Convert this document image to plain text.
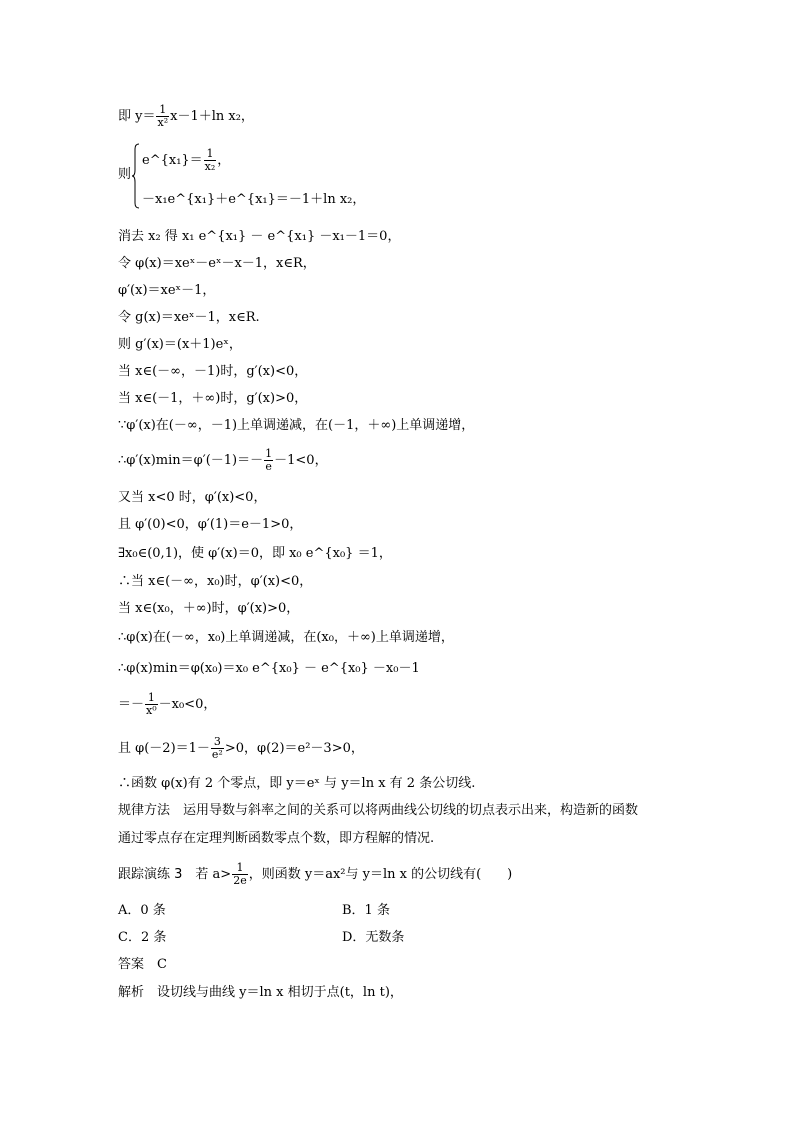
即 $y= \frac{1}{\text{x²}} x-1+\ln$ x₂，
则
e^{x₁}＝ $\frac{1}{\text{x₂}}$ ，
－x₁e^{x₁}＋e^{x₁}＝－1＋ln x₂，
消去 x₂ 得 x₁ e^{x₁} － e^{x₁} －x₁－1＝0，
令 φ(x)＝xeˣ－eˣ－x－1，x∈R，
φ′(x)＝xeˣ－1，
令 g(x)＝xeˣ－1，x∈R.
则 g′(x)＝(x＋1)eˣ，
当 x∈(－∞，－1)时，g′(x)<0，
当 x∈(－1，＋∞)时，g′(x)>0，
∵φ′(x)在(－∞，－1)上单调递减，在(－1，＋∞)上单调递增，
∴φ′(x)min＝φ′(－1)＝－ $\frac{1}{e} -1<0$，
又当 x<0 时，φ′(x)<0，
且 φ′(0)<0，φ′(1)＝e－1>0，
∃x₀∈(0,1)，使 φ′(x)＝0，即 x₀ e^{x₀} ＝1，
∴当 x∈(－∞，x₀)时，φ′(x)<0，
当 x∈(x₀，＋∞)时，φ′(x)>0，
∴φ(x)在(－∞，x₀)上单调递减，在(x₀，＋∞)上单调递增，
∴φ(x)min＝φ(x₀)＝x₀ e^{x₀} － e^{x₀} －x₀－1
＝－ $\frac{1}{\text{x⁰}} -x_0<0$，
且 $\varphi(-2)=1- \frac{3}{\text{e²}} >0$，φ(2)＝e²－3>0，
∴函数 φ(x)有 2 个零点，即 y＝eˣ 与 y＝ln x 有 2 条公切线.
规律方法　 运用导数与斜率之间的关系可以将两曲线公切线的切点表示出来，构造新的函数
通过零点存在定理判断函数零点个数，即方程解的情况.
跟踪演练 3　 若 $a> \frac{1}{2e}$ ，则函数 y＝ax²与 y＝ln x 的公切线有(　　)
A．0 条	B．1 条
C．2 条	D．无数条
答案　 C
解析　 设切线与曲线 y＝ln x 相切于点(t，ln t)，
